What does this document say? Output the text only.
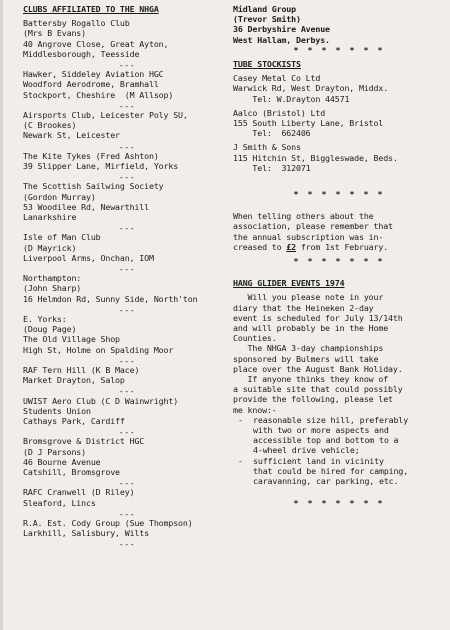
CLUBS AFFILIATED TO THE NHGA
Battersby Rogallo Club
(Mrs B Evans)
40 Angrove Close, Great Ayton,
Middlesborough, Teesside
---
Hawker, Siddeley Aviation HGC
Woodford Aerodrome, Bramhall
Stockport, Cheshire  (M Allsop)
---
Airsports Club, Leicester Poly SU,
(C Brookes)
Newark St, Leicester
---
The Kite Tykes (Fred Ashton)
39 Slipper Lane, Mirfield, Yorks
---
The Scottish Sailwing Society
(Gordon Murray)
53 Woodilee Rd, Newarthill
Lanarkshire
---
Isle of Man Club
(D Mayrick)
Liverpool Arms, Onchan, IOM
---
Northampton:
(John Sharp)
16 Helmdon Rd, Sunny Side, North'ton
---
E. Yorks:
(Doug Page)
The Old Village Shop
High St, Holme on Spalding Moor
---
RAF Tern Hill (K B Mace)
Market Drayton, Salop
---
UWIST Aero Club (C D Wainwright)
Students Union
Cathays Park, Cardiff
---
Bromsgrove & District HGC
(D J Parsons)
46 Bourne Avenue
Catshill, Bromsgrove
---
RAFC Cranwell (D Riley)
Sleaford, Lincs
---
R.A. Est. Cody Group (Sue Thompson)
Larkhill, Salisbury, Wilts
---
Midland Group
(Trevor Smith)
36 Derbyshire Avenue
West Hallam, Derbys.
* * * * * * *
TUBE STOCKISTS
Casey Metal Co Ltd
Warwick Rd, West Drayton, Middx.
Tel: W.Drayton 44571
Aalco (Bristol) Ltd
155 South Liberty Lane, Bristol
Tel:  662406
J Smith & Sons
115 Hitchin St, Biggleswade, Beds.
Tel:  312071
* * * * * * *
When telling others about the
association, please remember that
the annual subscription was in-
creased to £2 from 1st February.
* * * * * * *
HANG GLIDER EVENTS 1974
Will you please note in your
diary that the Heineken 2-day
event is scheduled for July 13/14th
and will probably be in the Home
Counties.
The NHGA 3-day championships
sponsored by Bulmers will take
place over the August Bank Holiday.
If anyone thinks they know of
a suitable site that could possibly
provide the following, please let
me know:-
- reasonable size hill, preferably
with two or more aspects and
accessible top and bottom to a
4-wheel drive vehicle;
- sufficient land in vicinity
that could be hired for camping,
caravanning, car parking, etc.
* * * * * * *
